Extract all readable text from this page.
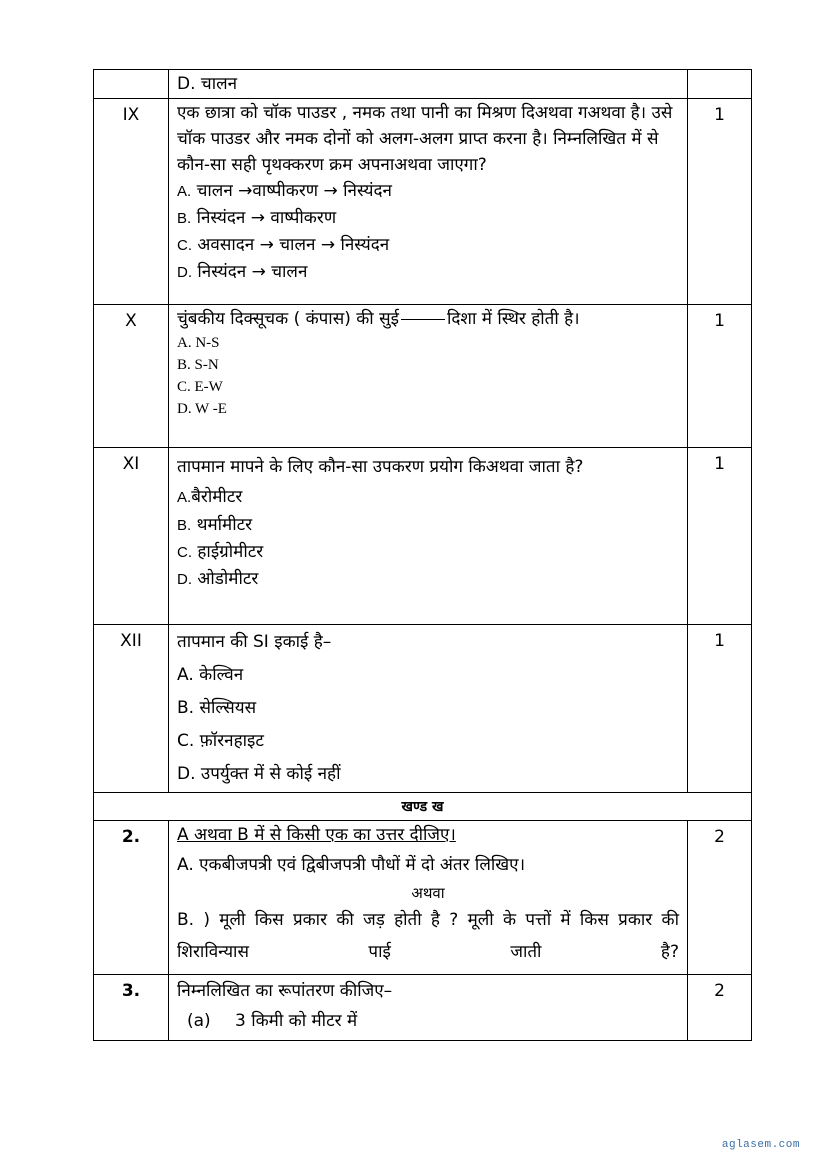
	D. चालन	

IX	एक छात्रा को चॉक पाउडर , नमक तथा पानी का मिश्रण दिअथवा गअथवा है। उसे चॉक पाउडर और नमक दोनों को अलग-अलग प्राप्त करना है। निम्नलिखित में से कौन-सा सही पृथक्करण क्रम अपनाअथवा जाएगा?
A. चालन →वाष्पीकरण → निस्यंदन
B. निस्यंदन → वाष्पीकरण
C. अवसादन → चालन → निस्यंदन
D. निस्यंदन → चालन	1
X	चुंबकीय दिक्सूचक ( कंपास) की सुई दिशा में स्थिर होती है।
A. N-S
B. S-N
C. E-W
D. W -E	1
XI	तापमान मापने के लिए कौन-सा उपकरण प्रयोग किअथवा जाता है?
A.बैरोमीटर
B. थर्मामीटर
C. हाईग्रोमीटर
D. ओडोमीटर	1
XII	तापमान की SI इकाई है–
A. केल्विन
B. सेल्सियस
C. फ़ॉरनहाइट
D. उपर्युक्त में से कोई नहीं	1
खण्ड ख		
2.	A अथवा B में से किसी एक का उत्तर दीजिए।
A. एकबीजपत्री एवं द्विबीजपत्री पौधों में दो अंतर लिखिए।
अथवा
B. ) मूली किस प्रकार की जड़ होती है ? मूली के पत्तों में किस प्रकार की शिराविन्यास पाई जाती है?	2
3.	निम्नलिखित का रूपांतरण कीजिए–
(a) 3 किमी को मीटर में	2
aglasem.com
